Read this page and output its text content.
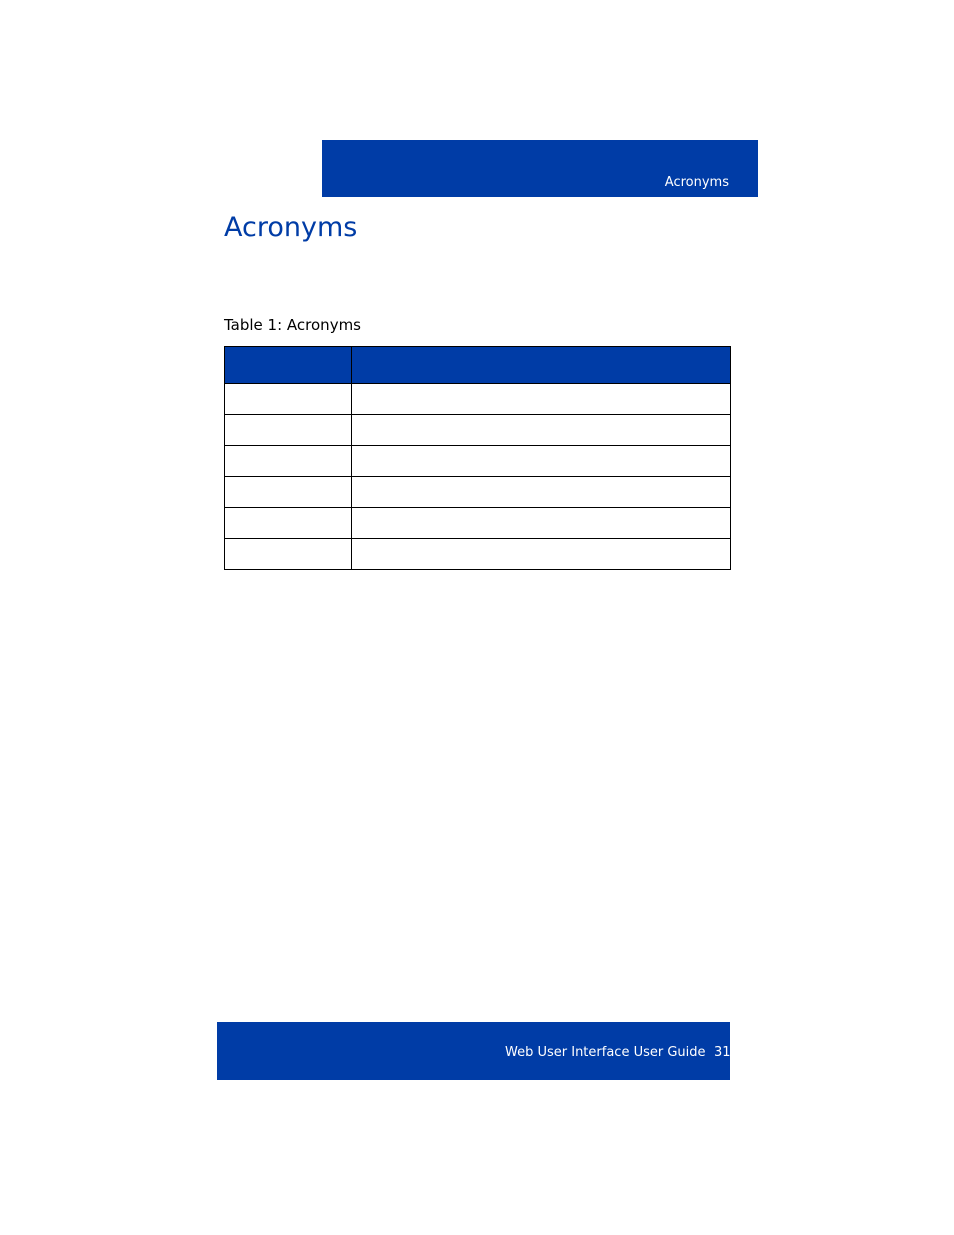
Acronyms
Acronyms
Table 1: Acronyms

Web User Interface User Guide 31
